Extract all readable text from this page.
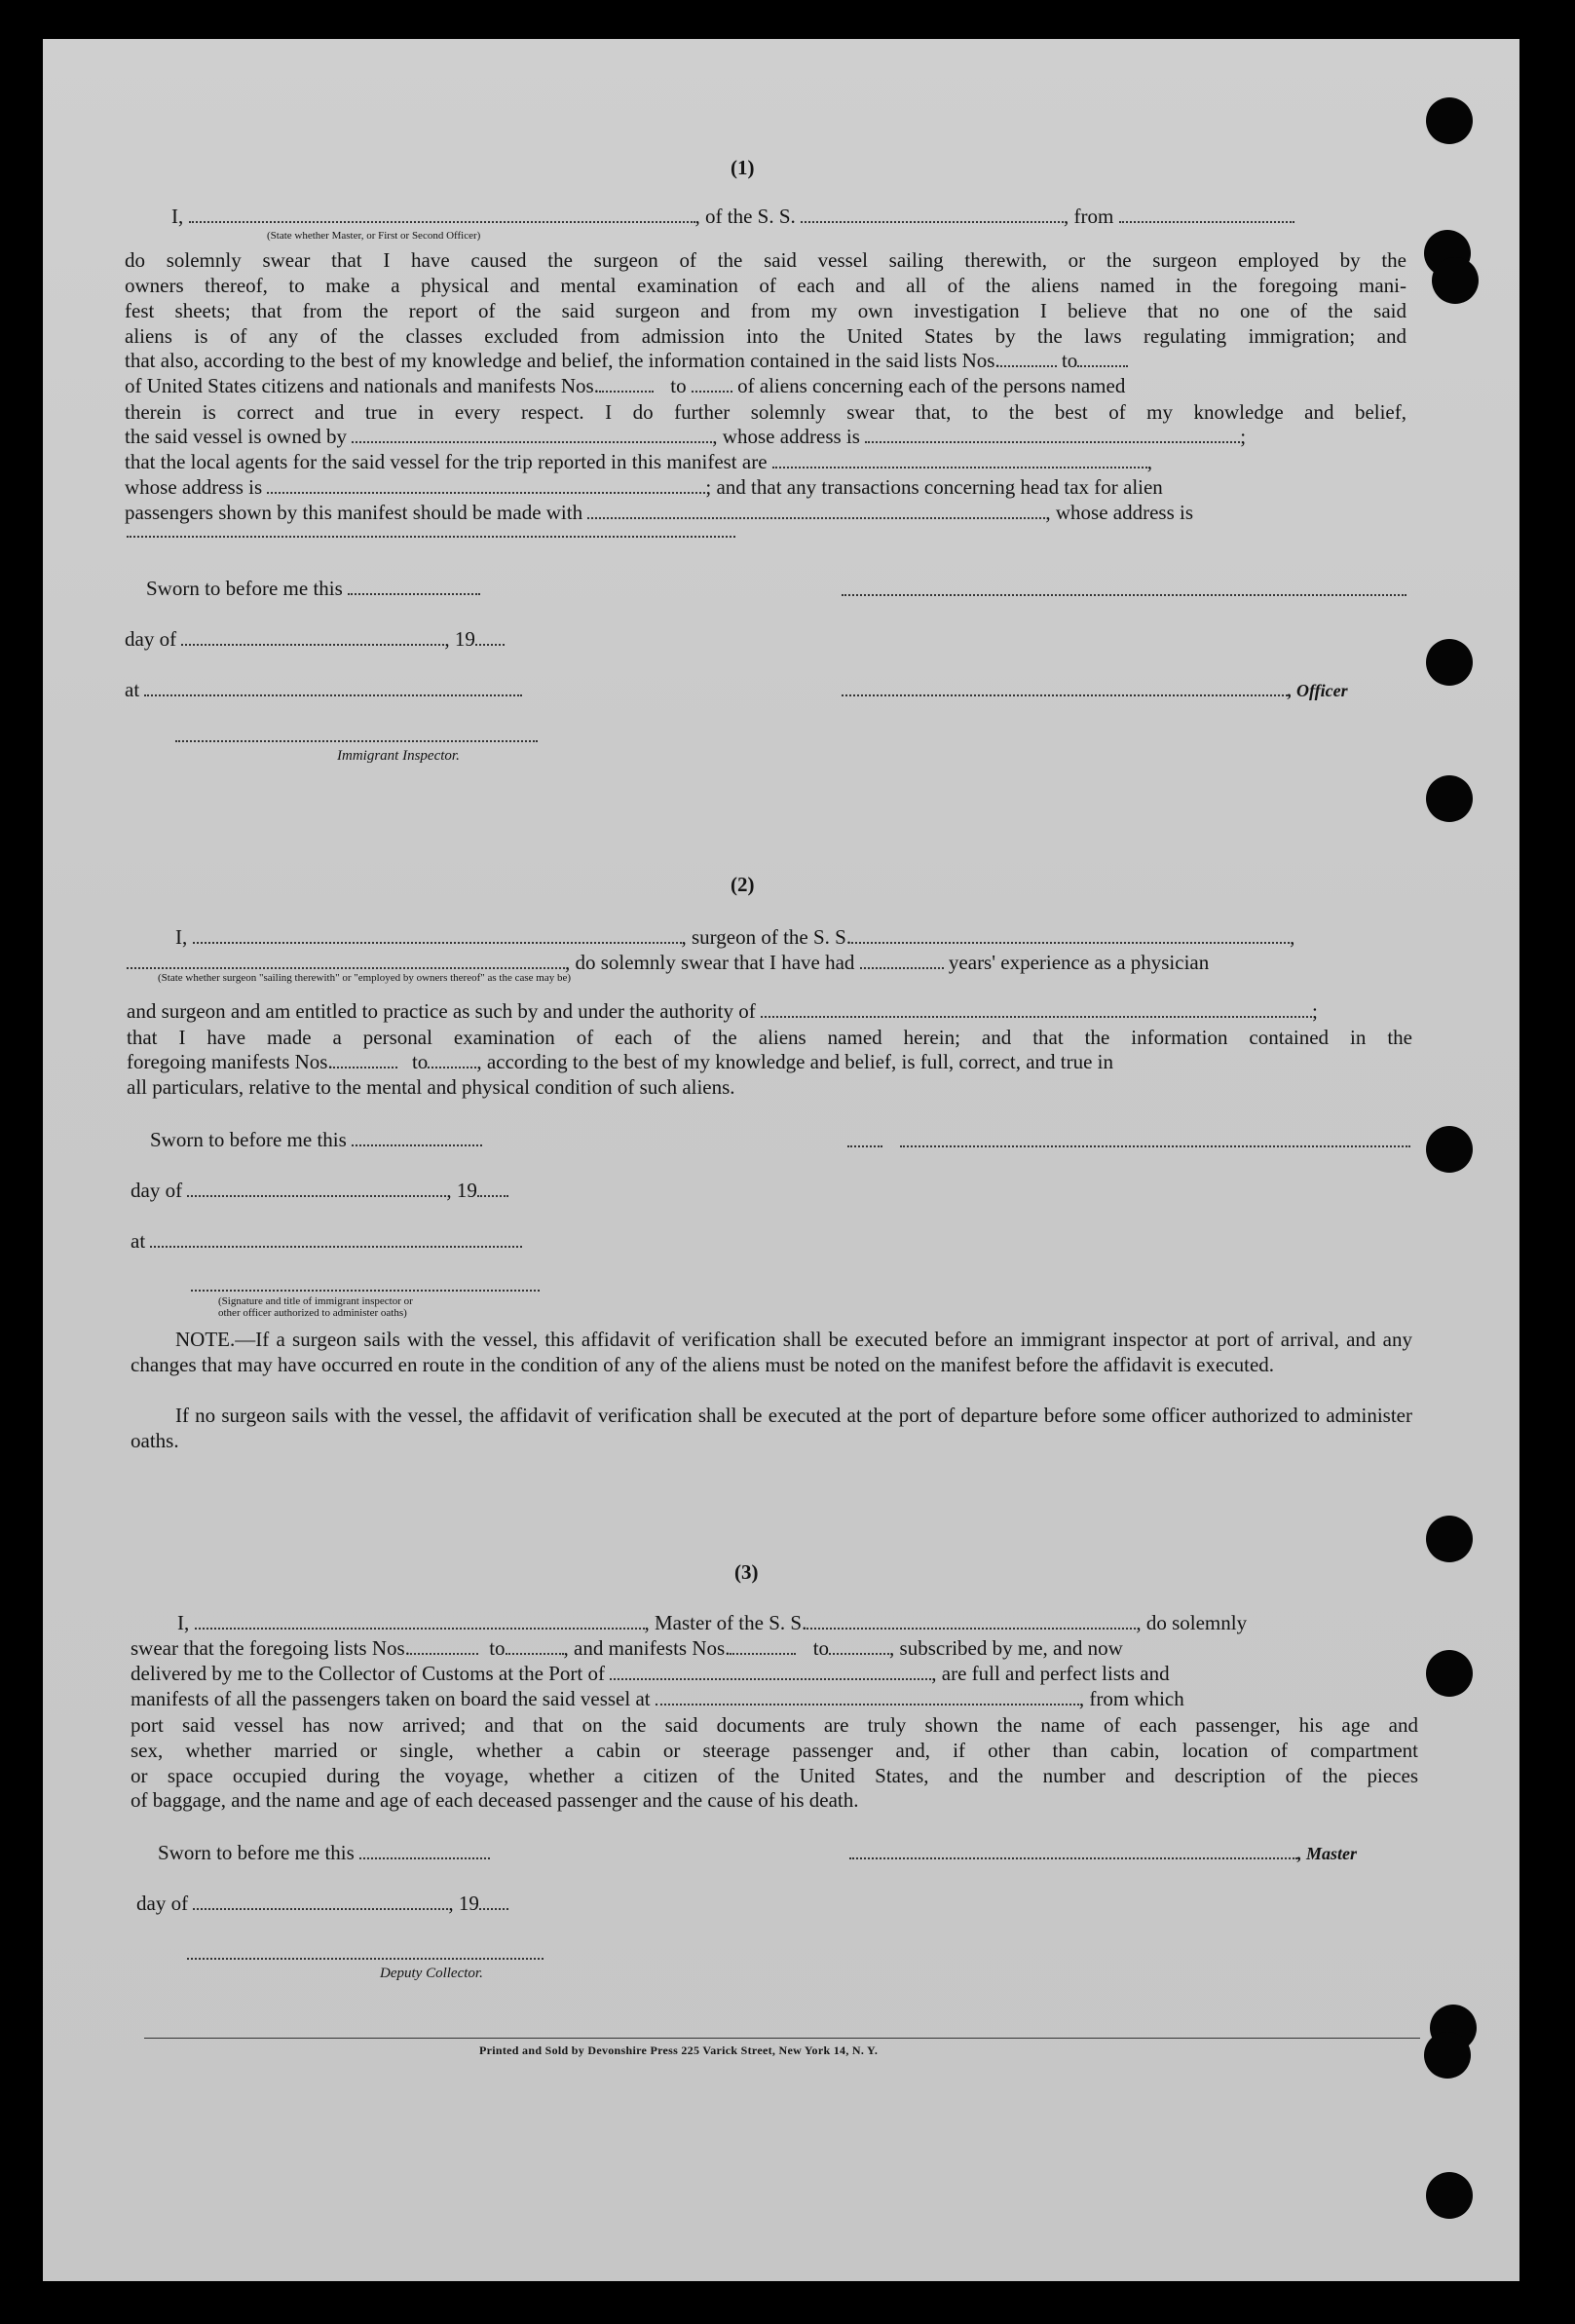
(1)
I,	, of the S. S.	, from
(State whether Master, or First or Second Officer)
do solemnly swear that I have caused the surgeon of the said vessel sailing therewith, or the surgeon employed by the
owners thereof, to make a physical and mental examination of each and all of the aliens named in the foregoing mani-
fest sheets; that from the report of the said surgeon and from my own investigation I believe that no one of the said
aliens is of any of the classes excluded from admission into the United States by the laws regulating immigration; and
that also, according to the best of my knowledge and belief, the information contained in the said lists Nos.	to
of United States citizens and nationals and manifests Nos.	to	of aliens concerning each of the persons named
therein is correct and true in every respect. I do further solemnly swear that, to the best of my knowledge and belief,
the said vessel is owned by	, whose address is	;
that the local agents for the said vessel for the trip reported in this manifest are	,
whose address is	; and that any transactions concerning head tax for alien
passengers shown by this manifest should be made with	, whose address is
Sworn to before me this
day of	, 19
at	, Officer
Immigrant Inspector.
(2)
I,	, surgeon of the S. S.	,
, do solemnly swear that I have had	years' experience as a physician
(State whether surgeon "sailing therewith" or "employed by owners thereof" as the case may be)
and surgeon and am entitled to practice as such by and under the authority of	;
that I have made a personal examination of each of the aliens named herein; and that the information contained in the
foregoing manifests Nos.	to , according to the best of my knowledge and belief, is full, correct, and true in
all particulars, relative to the mental and physical condition of such aliens.
Sworn to before me this
day of	, 19
at
(Signature and title of immigrant inspector or
other officer authorized to administer oaths)
NOTE.—If a surgeon sails with the vessel, this affidavit of verification shall be executed before an immigrant inspector at port of arrival, and any changes that may have occurred en route in the condition of any of the aliens must be noted on the manifest before the affidavit is executed.
If no surgeon sails with the vessel, the affidavit of verification shall be executed at the port of departure before some officer authorized to administer oaths.
(3)
I,	, Master of the S. S.	, do solemnly
swear that the foregoing lists Nos.	to	, and manifests Nos.	to	, subscribed by me, and now
delivered by me to the Collector of Customs at the Port of	, are full and perfect lists and
manifests of all the passengers taken on board the said vessel at	, from which
port said vessel has now arrived; and that on the said documents are truly shown the name of each passenger, his age and
sex, whether married or single, whether a cabin or steerage passenger and, if other than cabin, location of compartment
or space occupied during the voyage, whether a citizen of the United States, and the number and description of the pieces
of baggage, and the name and age of each deceased passenger and the cause of his death.
Sworn to before me this	, Master
day of	, 19
Deputy Collector.
Printed and Sold by Devonshire Press 225 Varick Street, New York 14, N. Y.
